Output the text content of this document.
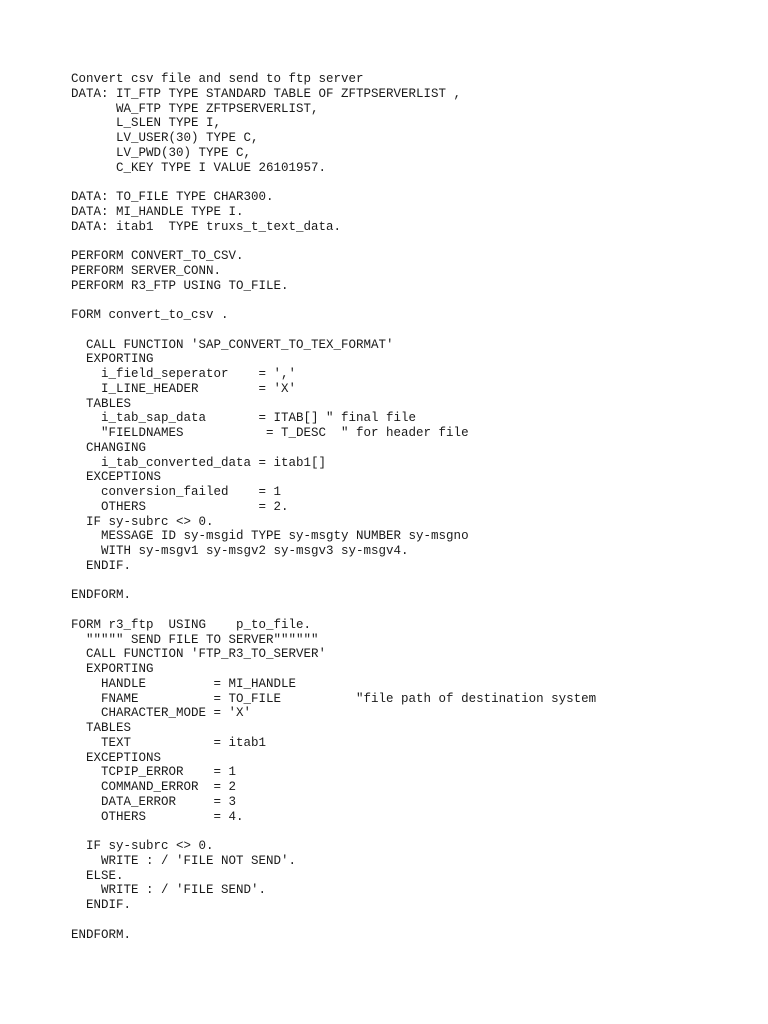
Convert csv file and send to ftp server
DATA: IT_FTP TYPE STANDARD TABLE OF ZFTPSERVERLIST ,
WA_FTP TYPE ZFTPSERVERLIST,
L_SLEN TYPE I,
LV_USER(30) TYPE C,
LV_PWD(30) TYPE C,
C_KEY TYPE I VALUE 26101957.
DATA: TO_FILE TYPE CHAR300.
DATA: MI_HANDLE TYPE I.
DATA: itab1  TYPE truxs_t_text_data.
PERFORM CONVERT_TO_CSV.
PERFORM SERVER_CONN.
PERFORM R3_FTP USING TO_FILE.
FORM convert_to_csv .
CALL FUNCTION 'SAP_CONVERT_TO_TEX_FORMAT'
EXPORTING
i_field_seperator    = ','
I_LINE_HEADER        = 'X'
TABLES
i_tab_sap_data       = ITAB[] " final file
"FIELDNAMES           = T_DESC  " for header file
CHANGING
i_tab_converted_data = itab1[]
EXCEPTIONS
conversion_failed    = 1
OTHERS               = 2.
IF sy-subrc <> 0.
MESSAGE ID sy-msgid TYPE sy-msgty NUMBER sy-msgno
WITH sy-msgv1 sy-msgv2 sy-msgv3 sy-msgv4.
ENDIF.
ENDFORM.
FORM r3_ftp  USING    p_to_file.
""""" SEND FILE TO SERVER""""""
CALL FUNCTION 'FTP_R3_TO_SERVER'
EXPORTING
HANDLE         = MI_HANDLE
FNAME          = TO_FILE          "file path of destination system
CHARACTER_MODE = 'X'
TABLES
TEXT           = itab1
EXCEPTIONS
TCPIP_ERROR    = 1
COMMAND_ERROR  = 2
DATA_ERROR     = 3
OTHERS         = 4.
IF sy-subrc <> 0.
WRITE : / 'FILE NOT SEND'.
ELSE.
WRITE : / 'FILE SEND'.
ENDIF.
ENDFORM.
